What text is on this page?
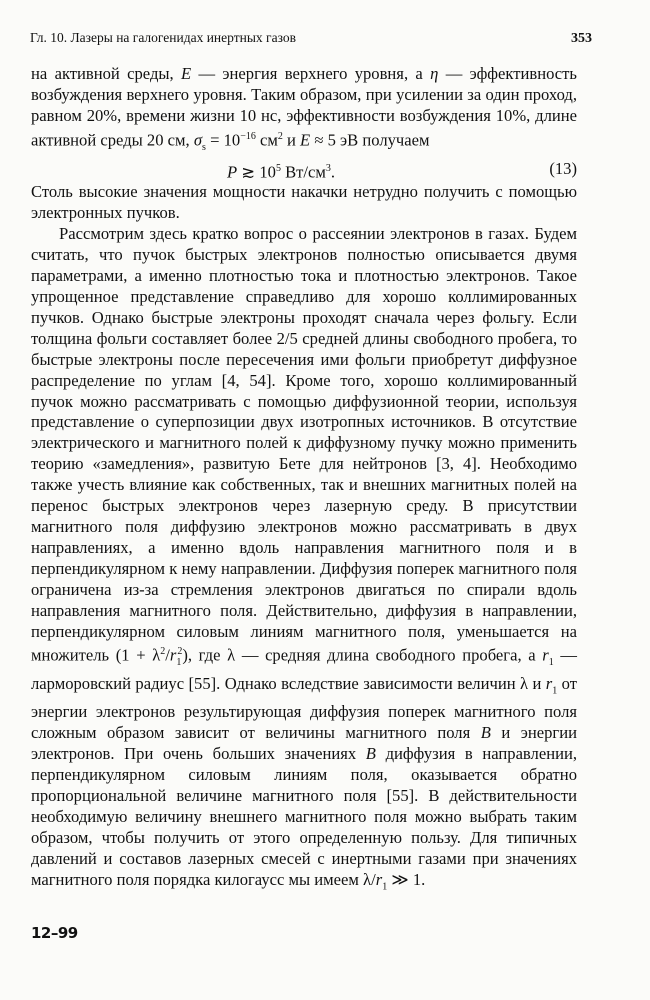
Гл. 10. Лазеры на галогенидах инертных газов	353

на активной среды, E — энергия верхнего уровня, а η — эффективность возбуждения верхнего уровня. Таким образом, при усилении за один проход, равном 20%, времени жизни 10 нс, эффективности возбуждения 10%, длине активной среды 20 см, $\sigma_s = 10^{-16}$ $см^2$ и E ≈ 5 эВ получаем

P ≳ $10^5$ $Вт/см^3$.	(13)

Столь высокие значения мощности накачки нетрудно получить с помощью электронных пучков.

Рассмотрим здесь кратко вопрос о рассеянии электронов в газах. Будем считать, что пучок быстрых электронов полностью описывается двумя параметрами, а именно плотностью тока и плотностью электронов. Такое упрощенное представление справедливо для хорошо коллимированных пучков. Однако быстрые электроны проходят сначала через фольгу. Если толщина фольги составляет более 2/5 средней длины свободного пробега, то быстрые электроны после пересечения ими фольги приобретут диффузное распределение по углам [4, 54]. Кроме того, хорошо коллимированный пучок можно рассматривать с помощью диффузионной теории, используя представление о суперпозиции двух изотропных источников. В отсутствие электрического и магнитного полей к диффузному пучку можно применить теорию «замедления», развитую Бете для нейтронов [3, 4]. Необходимо также учесть влияние как собственных, так и внешних магнитных полей на перенос быстрых электронов через лазерную среду. В присутствии магнитного поля диффузию электронов можно рассматривать в двух направлениях, а именно вдоль направления магнитного поля и в перпендикулярном к нему направлении. Диффузия поперек магнитного поля ограничена из-за стремления электронов двигаться по спирали вдоль направления магнитного поля. Действительно, диффузия в направлении, перпендикулярном силовым линиям магнитного поля, уменьшается на множитель $(1 + \lambda^2/r_1^2)$, где λ — средняя длина свободного пробега, а $r_1$ — ларморовский радиус [55]. Однако вследствие зависимости величин λ и $r_1$ от энергии электронов результирующая диффузия поперек магнитного поля сложным образом зависит от величины магнитного поля B и энергии электронов. При очень больших значениях B диффузия в направлении, перпендикулярном силовым линиям поля, оказывается обратно пропорциональной величине магнитного поля [55]. В действительности необходимую величину внешнего магнитного поля можно выбрать таким образом, чтобы получить от этого определенную пользу. Для типичных давлений и составов лазерных смесей с инертными газами при значениях магнитного поля порядка килогаусс мы имеем $\lambda/r_1$ ≫ 1.

12–99
